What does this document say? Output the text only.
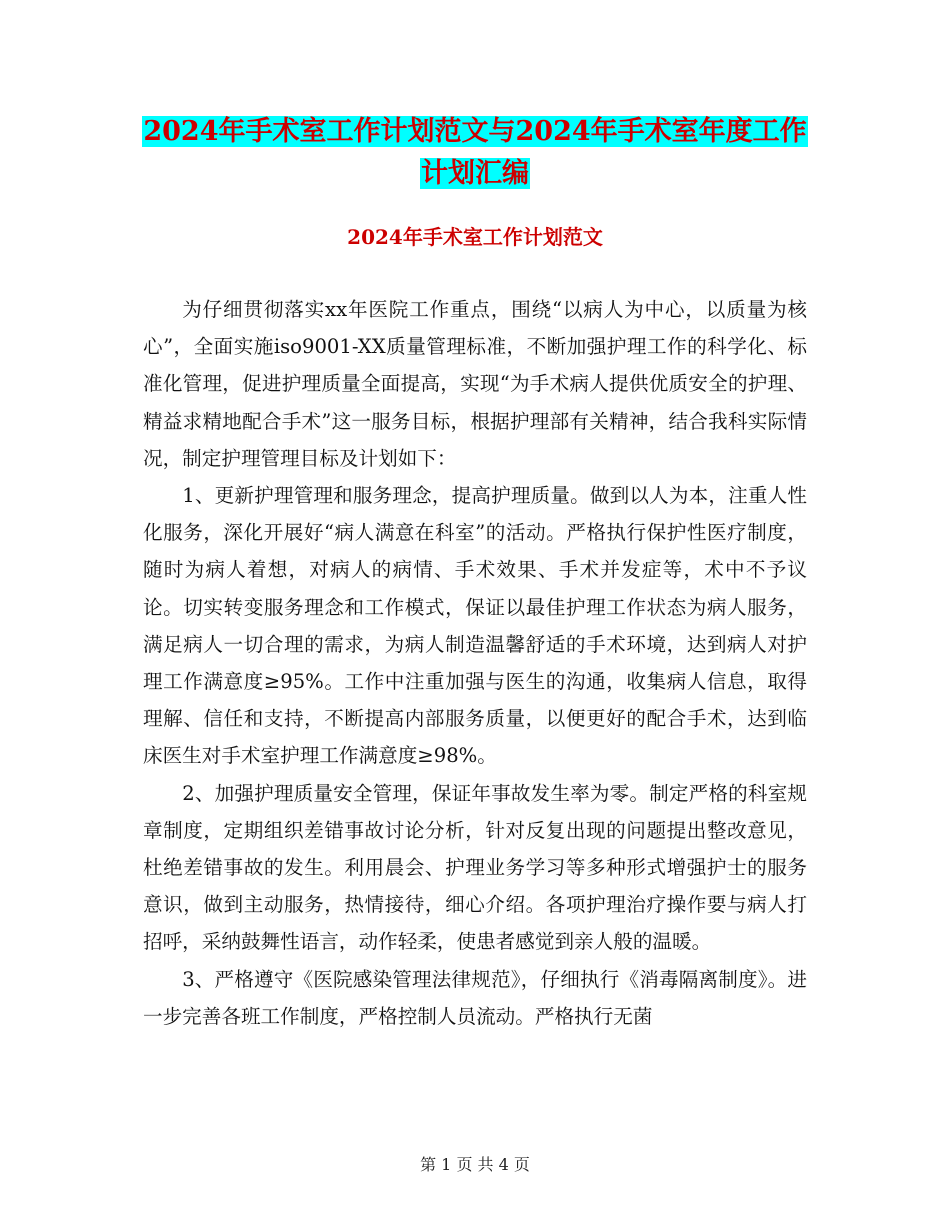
2024年手术室工作计划范文与2024年手术室年度工作
计划汇编
2024年手术室工作计划范文

为仔细贯彻落实xx年医院工作重点，围绕“以病人为中心，以质量为核心”，全面实施iso9001-XX质量管理标准，不断加强护理工作的科学化、标准化管理，促进护理质量全面提高，实现“为手术病人提供优质安全的护理、精益求精地配合手术”这一服务目标，根据护理部有关精神，结合我科实际情况，制定护理管理目标及计划如下：

1、更新护理管理和服务理念，提高护理质量。做到以人为本，注重人性化服务，深化开展好“病人满意在科室”的活动。严格执行保护性医疗制度，随时为病人着想，对病人的病情、手术效果、手术并发症等，术中不予议论。切实转变服务理念和工作模式，保证以最佳护理工作状态为病人服务，满足病人一切合理的需求，为病人制造温馨舒适的手术环境，达到病人对护理工作满意度≥95%。工作中注重加强与医生的沟通，收集病人信息，取得理解、信任和支持，不断提高内部服务质量，以便更好的配合手术，达到临床医生对手术室护理工作满意度≥98%。

2、加强护理质量安全管理，保证年事故发生率为零。制定严格的科室规章制度，定期组织差错事故讨论分析，针对反复出现的问题提出整改意见，杜绝差错事故的发生。利用晨会、护理业务学习等多种形式增强护士的服务意识，做到主动服务，热情接待，细心介绍。各项护理治疗操作要与病人打招呼，采纳鼓舞性语言，动作轻柔，使患者感觉到亲人般的温暖。

3、严格遵守《医院感染管理法律规范》，仔细执行《消毒隔离制度》。进一步完善各班工作制度，严格控制人员流动。严格执行无菌

第 1 页 共 4 页
